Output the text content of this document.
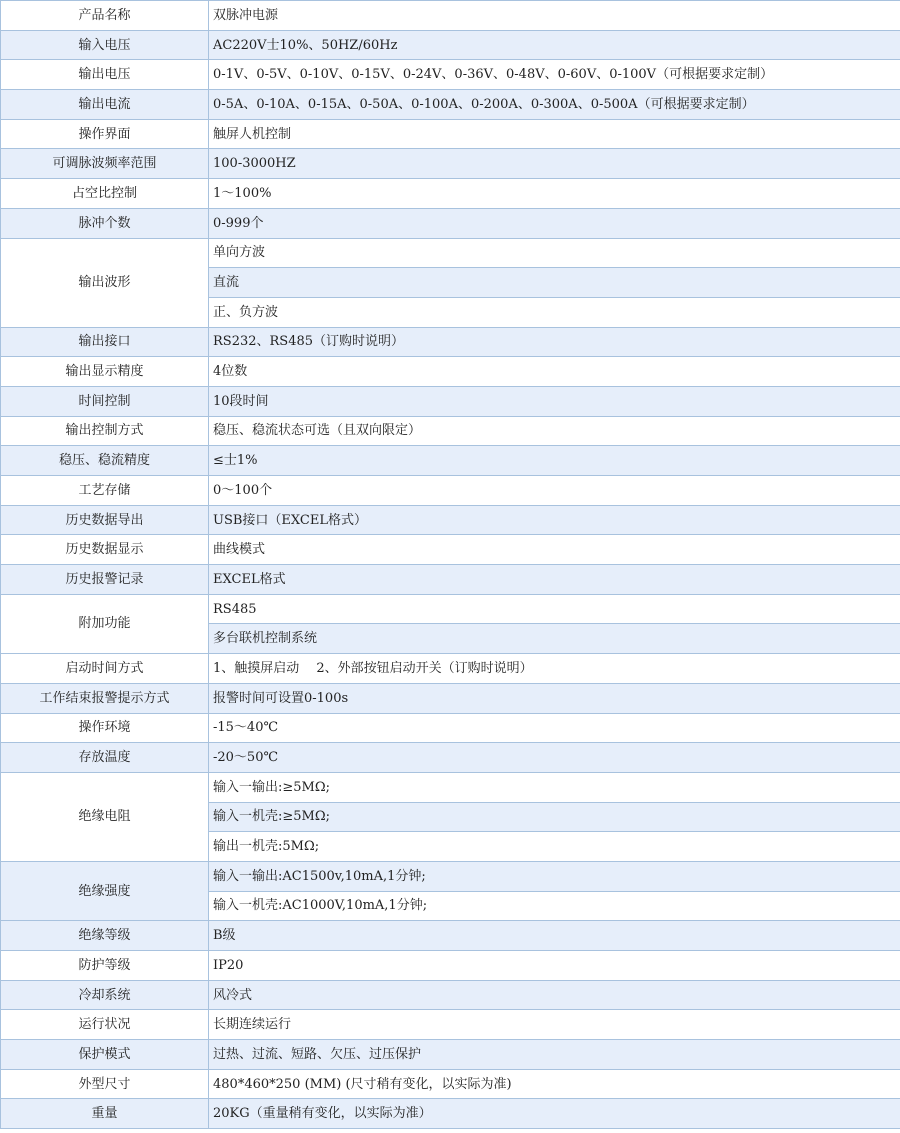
产品名称	双脉冲电源
输入电压	AC220V士10%、50HZ/60Hz
输出电压	0-1V、0-5V、0-10V、0-15V、0-24V、0-36V、0-48V、0-60V、0-100V（可根据要求定制）
输出电流	0-5A、0-10A、0-15A、0-50A、0-100A、0-200A、0-300A、0-500A（可根据要求定制）
操作界面	触屏人机控制
可调脉波频率范围	100-3000HZ
占空比控制	1～100%
脉冲个数	0-999个
输出波形	单向方波
	直流
	正、负方波
输出接口	RS232、RS485（订购时说明）
输出显示精度	4位数
时间控制	10段时间
输出控制方式	稳压、稳流状态可选（且双向限定）
稳压、稳流精度	≤士1%
工艺存储	0～100个
历史数据导出	USB接口（EXCEL格式）
历史数据显示	曲线模式
历史报警记录	EXCEL格式
附加功能	RS485
	多台联机控制系统
启动时间方式	1、触摸屏启动　 2、外部按钮启动开关（订购时说明）
工作结束报警提示方式	报警时间可设置0-100s
操作环境	-15～40℃
存放温度	-20～50℃
绝缘电阻	输入一输出:≥5MΩ;
	输入一机壳:≥5MΩ;
	输出一机壳:5MΩ;
绝缘强度	输入一输出:AC1500v,10mA,1分钟;
	输入一机壳:AC1000V,10mA,1分钟;
绝缘等级	B级
防护等级	IP20
冷却系统	风冷式
运行状况	长期连续运行
保护模式	过热、过流、短路、欠压、过压保护
外型尺寸	480*460*250 (MM) (尺寸稍有变化，以实际为准)
重量	20KG（重量稍有变化，以实际为准）
